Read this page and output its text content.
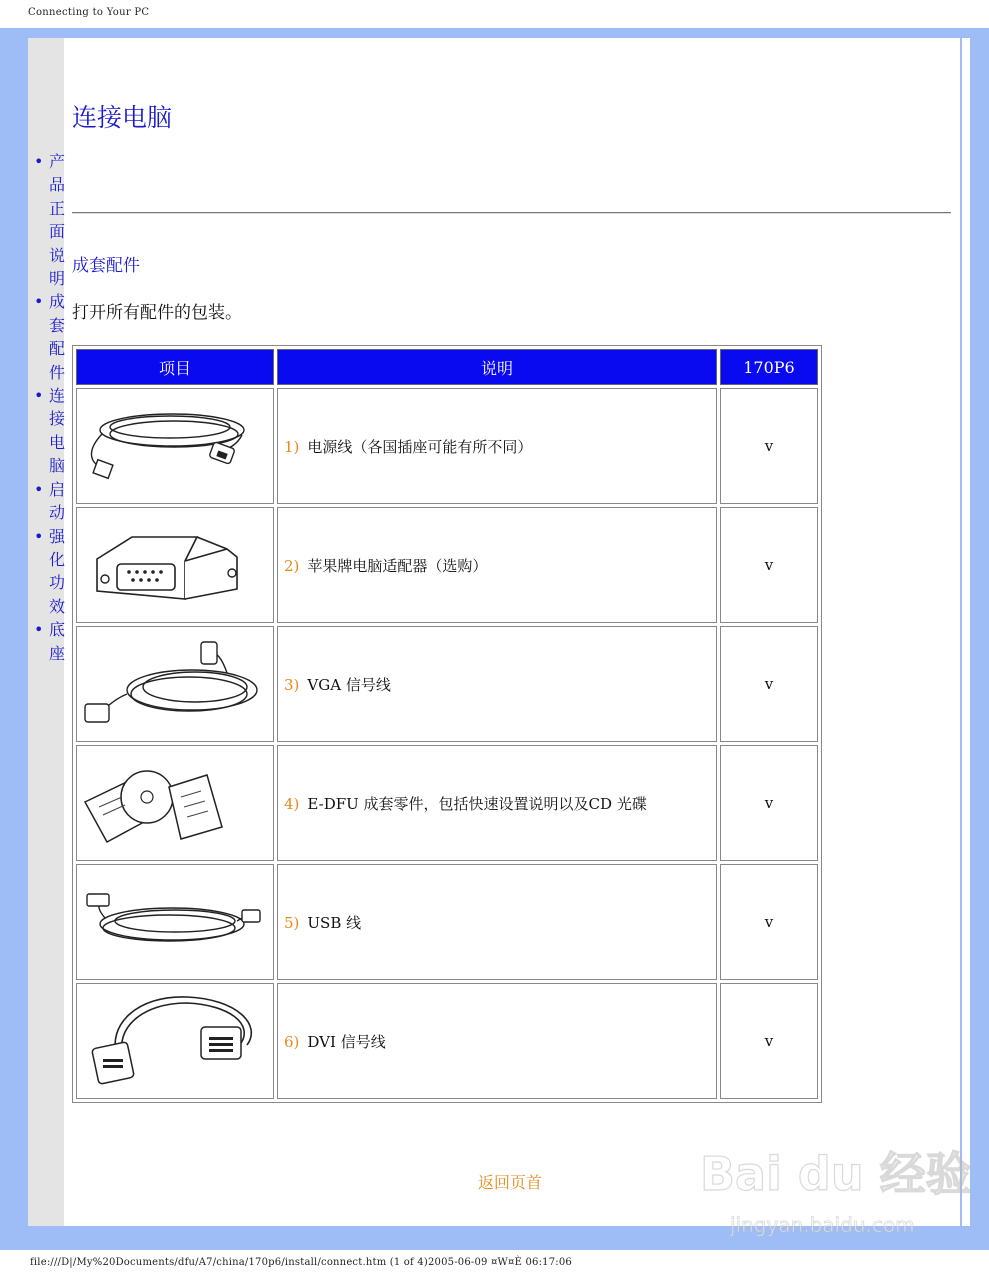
Connecting to Your PC
• 产品正面说明
• 成套配件
• 连接电脑
• 启动
• 强化功效
• 底座
连接电脑
成套配件
打开所有配件的包装。
项目	说明	170P6

	1) 电源线（各国插座可能有所不同）	v

	2) 苹果牌电脑适配器（选购）	v

	3) VGA 信号线	v

	4) E-DFU 成套零件，包括快速设置说明以及CD 光碟	v

	5) USB 线	v

	6) DVI 信号线	v
返回页首	Bai du 经验
jingyan.baidu.com
file:///D|/My%20Documents/dfu/A7/china/170p6/install/connect.htm (1 of 4)2005-06-09 ¤W¤È 06:17:06
